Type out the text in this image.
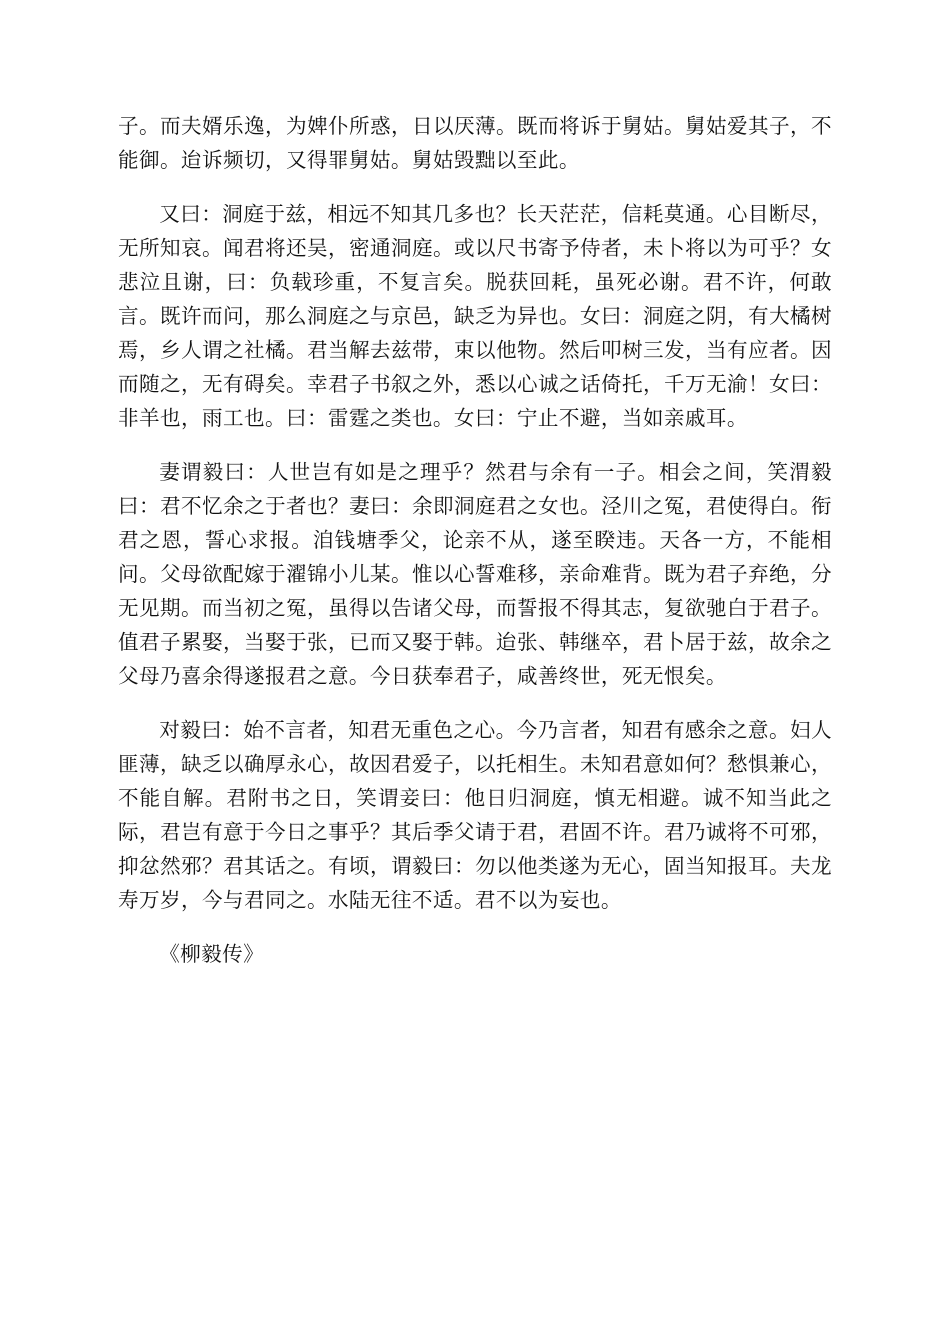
子。而夫婿乐逸，为婢仆所惑，日以厌薄。既而将诉于舅姑。舅姑爱其子，不能御。迨诉频切，又得罪舅姑。舅姑毁黜以至此。

又曰：洞庭于兹，相远不知其几多也？长天茫茫，信耗莫通。心目断尽，无所知哀。闻君将还吴，密通洞庭。或以尺书寄予侍者，未卜将以为可乎？女悲泣且谢，曰：负载珍重，不复言矣。脱获回耗，虽死必谢。君不许，何敢言。既许而问，那么洞庭之与京邑，缺乏为异也。女曰：洞庭之阴，有大橘树焉，乡人谓之社橘。君当解去兹带，束以他物。然后叩树三发，当有应者。因而随之，无有碍矣。幸君子书叙之外，悉以心诚之话倚托，千万无渝！女曰：非羊也，雨工也。曰：雷霆之类也。女曰：宁止不避，当如亲戚耳。

妻谓毅曰：人世岂有如是之理乎？然君与余有一子。相会之间，笑渭毅曰：君不忆余之于者也？妻曰：余即洞庭君之女也。泾川之冤，君使得白。衔君之恩，誓心求报。洎钱塘季父，论亲不从，遂至睽违。天各一方，不能相问。父母欲配嫁于濯锦小儿某。惟以心誓难移，亲命难背。既为君子弃绝，分无见期。而当初之冤，虽得以告诸父母，而誓报不得其志，复欲驰白于君子。值君子累娶，当娶于张，已而又娶于韩。迨张、韩继卒，君卜居于兹，故余之父母乃喜余得遂报君之意。今日获奉君子，咸善终世，死无恨矣。

对毅曰：始不言者，知君无重色之心。今乃言者，知君有感余之意。妇人匪薄，缺乏以确厚永心，故因君爱子，以托相生。未知君意如何？愁惧兼心，不能自解。君附书之日，笑谓妾曰：他日归洞庭，慎无相避。诚不知当此之际，君岂有意于今日之事乎？其后季父请于君，君固不许。君乃诚将不可邪，抑忿然邪？君其话之。有顷，谓毅曰：勿以他类遂为无心，固当知报耳。夫龙寿万岁，今与君同之。水陆无往不适。君不以为妄也。

《柳毅传》
